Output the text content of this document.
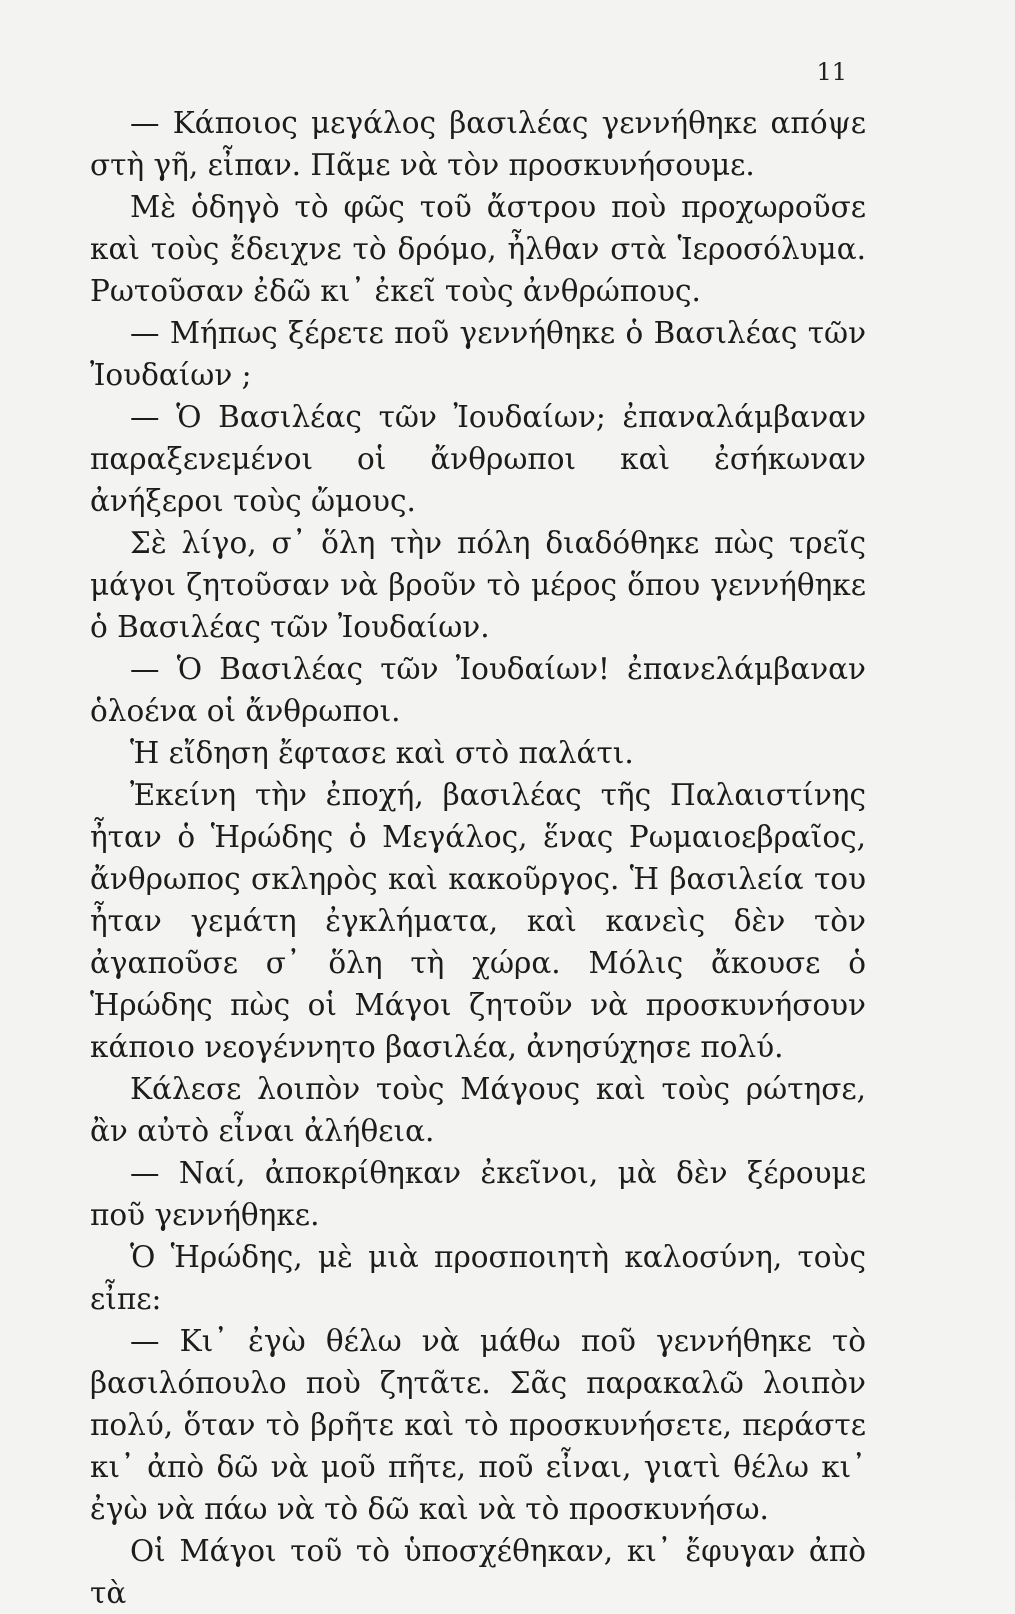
11

— Κάποιος μεγάλος βασιλέας γεννήθηκε απόψε στὴ γῆ, εἶπαν. Πᾶμε νὰ τὸν προσκυνήσουμε.

Μὲ ὁδηγὸ τὸ φῶς τοῦ ἄστρου ποὺ προχωροῦσε καὶ τοὺς ἔδειχνε τὸ δρόμο, ἦλθαν στὰ Ἱεροσόλυμα. Ρωτοῦσαν ἐδῶ κι᾿ ἐκεῖ τοὺς ἀνθρώπους.

— Μήπως ξέρετε ποῦ γεννήθηκε ὁ Βασιλέας τῶν Ἰουδαίων ;

— Ὁ Βασιλέας τῶν Ἰουδαίων; ἐπαναλάμβαναν παραξενεμένοι οἱ ἄνθρωποι καὶ ἐσήκωναν ἀνήξεροι τοὺς ὤμους.

Σὲ λίγο, σ᾿ ὅλη τὴν πόλη διαδόθηκε πὼς τρεῖς μάγοι ζητοῦσαν νὰ βροῦν τὸ μέρος ὅπου γεννήθηκε ὁ Βασιλέας τῶν Ἰουδαίων.

— Ὁ Βασιλέας τῶν Ἰουδαίων! ἐπανελάμβαναν ὁλοένα οἱ ἄνθρωποι.

Ἡ εἴδηση ἔφτασε καὶ στὸ παλάτι.

Ἐκείνη τὴν ἐποχή, βασιλέας τῆς Παλαιστίνης ἦταν ὁ Ἡρώδης ὁ Μεγάλος, ἕνας Ρωμαιοεβραῖος, ἄνθρωπος σκληρὸς καὶ κακοῦργος. Ἡ βασιλεία του ἦταν γεμάτη ἐγκλήματα, καὶ κανεὶς δὲν τὸν ἀγαποῦσε σ᾿ ὅλη τὴ χώρα. Μόλις ἄκουσε ὁ Ἡρώδης πὼς οἱ Μάγοι ζητοῦν νὰ προσκυνήσουν κάποιο νεογέννητο βασιλέα, ἀνησύχησε πολύ.

Κάλεσε λοιπὸν τοὺς Μάγους καὶ τοὺς ρώτησε, ἂν αὐτὸ εἶναι ἀλήθεια.

— Ναί, ἀποκρίθηκαν ἐκεῖνοι, μὰ δὲν ξέρουμε ποῦ γεννήθηκε.

Ὁ Ἡρώδης, μὲ μιὰ προσποιητὴ καλοσύνη, τοὺς εἶπε:

— Κι᾿ ἐγὼ θέλω νὰ μάθω ποῦ γεννήθηκε τὸ βασιλόπουλο ποὺ ζητᾶτε. Σᾶς παρακαλῶ λοιπὸν πολύ, ὅταν τὸ βρῆτε καὶ τὸ προσκυνήσετε, περάστε κι᾿ ἀπὸ δῶ νὰ μοῦ πῆτε, ποῦ εἶναι, γιατὶ θέλω κι᾿ ἐγὼ νὰ πάω νὰ τὸ δῶ καὶ νὰ τὸ προσκυνήσω.

Οἱ Μάγοι τοῦ τὸ ὑποσχέθηκαν, κι᾿ ἔφυγαν ἀπὸ τὰ
